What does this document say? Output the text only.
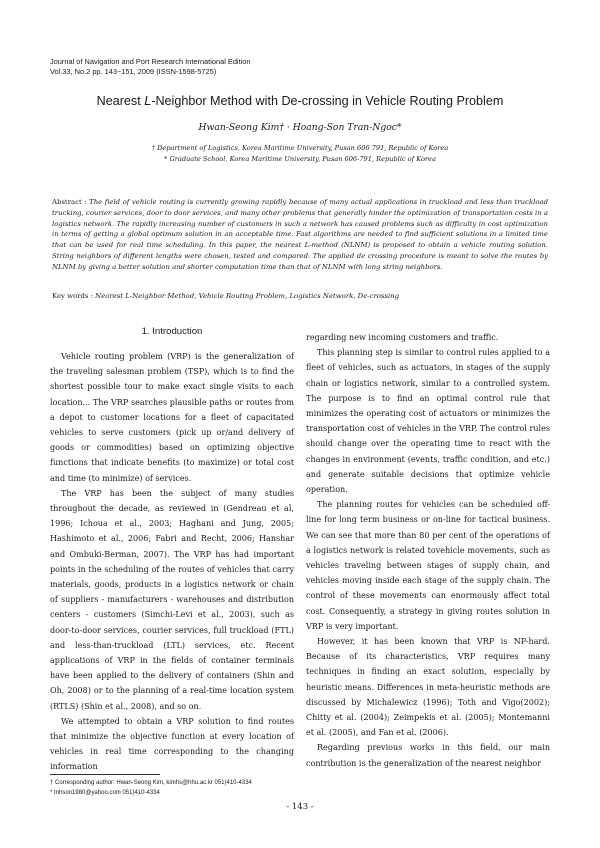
Journal of Navigation and Port Research International Edition
Vol.33, No.2 pp. 143~151, 2009 (ISSN-1598-5725)
Nearest L-Neighbor Method with De-crossing in Vehicle Routing Problem
Hwan-Seong Kim† · Hoang-Son Tran-Ngoc*
† Department of Logistics, Korea Maritime University, Pusan 606 791, Republic of Korea
* Graduate School, Korea Maritime University, Pusan 606-791, Republic of Korea
Abstract : The field of vehicle routing is currently growing rapidly because of many actual applications in truckload and less than truckload trucking, courier services, door to door services, and many other problems that generally hinder the optimization of transportation costs in a logistics network. The rapidly increasing number of customers in such a network has caused problems such as difficulty in cost optimization in terms of getting a global optimum solution in an acceptable time. Fast algorithms are needed to find sufficient solutions in a limited time that can be used for real time scheduling. In this paper, the nearest L-method (NLNM) is proposed to obtain a vehicle routing solution. String neighbors of different lengths were chosen, tested and compared. The applied de crossing procedure is meant to solve the routes by NLNM by giving a better solution and shorter computation time than that of NLNM with long string neighbors.
Key words : Nearest L-Neighbor Method, Vehicle Routing Problem, Logistics Network, De-crossing
1. Introduction

Vehicle routing problem (VRP) is the generalization of the traveling salesman problem (TSP), which is to find the shortest possible tour to make exact single visits to each location... The VRP searches plausible paths or routes from a depot to customer locations for a fleet of capacitated vehicles to serve customers (pick up or/and delivery of goods or commodities) based on optimizing objective functions that indicate benefits (to maximize) or total cost and time (to minimize) of services.

The VRP has been the subject of many studies throughout the decade, as reviewed in (Gendreau et al, 1996; Ichoua et al., 2003; Haghani and Jung, 2005; Hashimoto et al., 2006; Fabri and Recht, 2006; Hanshar and Ombuki-Berman, 2007). The VRP has had important points in the scheduling of the routes of vehicles that carry materials, goods, products in a logistics network or chain of suppliers - manufacturers - warehouses and distribution centers - customers (Simchi-Levi et al., 2003), such as door-to-door services, courier services, full truckload (FTL) and less-than-truckload (LTL) services, etc. Recent applications of VRP in the fields of container terminals have been applied to the delivery of containers (Shin and Oh, 2008) or to the planning of a real-time location system (RTLS) (Shin et al., 2008), and so on.

We attempted to obtain a VRP solution to find routes that minimize the objective function at every location of vehicles in real time corresponding to the changing information

regarding new incoming customers and traffic.

This planning step is similar to control rules applied to a fleet of vehicles, such as actuators, in stages of the supply chain or logistics network, similar to a controlled system. The purpose is to find an optimal control rule that minimizes the operating cost of actuators or minimizes the transportation cost of vehicles in the VRP. The control rules should change over the operating time to react with the changes in environment (events, traffic condition, and etc.) and generate suitable decisions that optimize vehicle operation.

The planning routes for vehicles can be scheduled off-line for long term business or on-line for tactical business. We can see that more than 80 per cent of the operations of a logistics network is related tovehicle movements, such as vehicles traveling between stages of supply chain, and vehicles moving inside each stage of the supply chain. The control of these movements can enormously affect total cost. Consequently, a strategy in giving routes solution in VRP is very important.

However, it has been known that VRP is NP-hard. Because of its characteristics, VRP requires many techniques in finding an exact solution, especially by heuristic means. Differences in meta-heuristic methods are discussed by Michalewicz (1996); Toth and Vigo(2002); Chitty et al. (2004); Zeimpekis et al. (2005); Montemanni et al. (2005), and Fan et al. (2006).

Regarding previous works in this field, our main contribution is the generalization of the nearest neighbor

† Corresponding author: Hwan-Seong Kim, kimhs@hhu.ac.kr 051)410-4334
* tnhson1980@yahoo.com 051)410-4334
- 143 -
